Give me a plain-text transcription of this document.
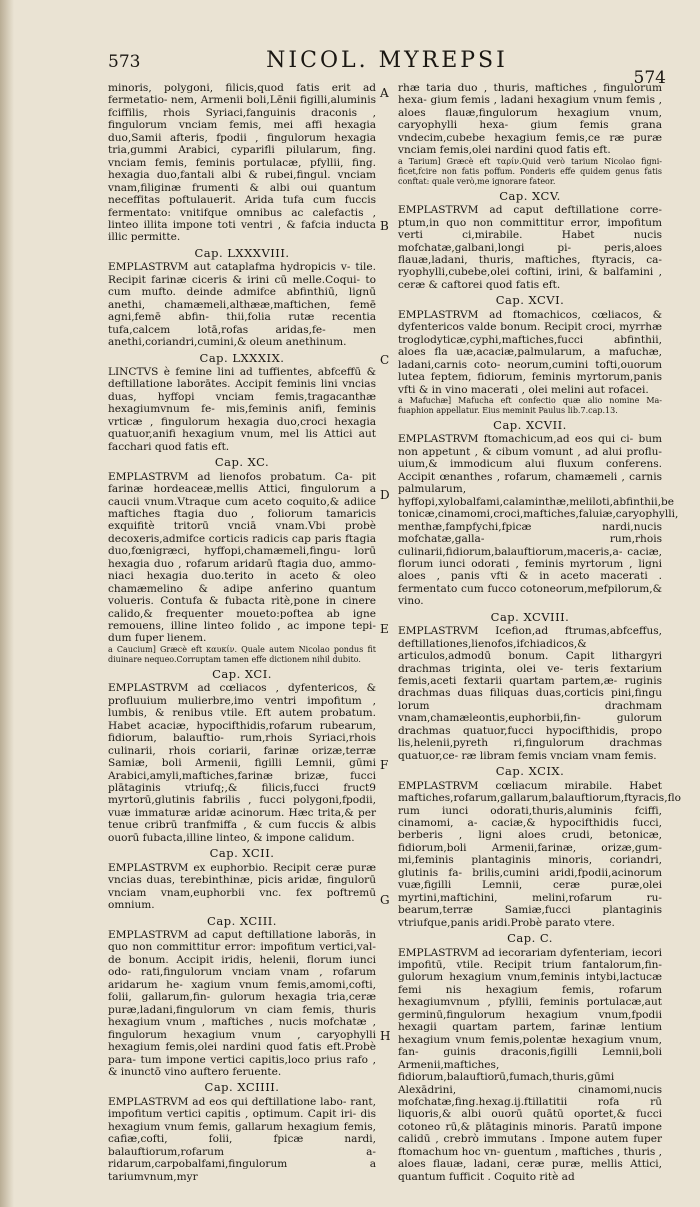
573	NICOL. MYREPSI
574
A
B
C
D
E
F
G
H

minoris, polygoni, filicis,quod fatis erit ad fermetatio- nem, Armenii boli,Lēnii figilli,aluminis fciffilis, rhois Syriaci,fanguinis draconis , fingulorum vnciam femis, mei affi hexagia duo,Samii afteris, fpodii , fingulorum hexagia tria,gummi Arabici, cyparifli pilularum, fing. vnciam femis, feminis portulacæ, pfyllii, fing. hexagia duo,fantali albi & rubei,fingul. vnciam vnam,filiginæ frumenti & albi oui quantum neceffitas poftulauerit. Arida tufa cum fuccis fermentato: vnitifque omnibus ac calefactis , linteo illita impone toti ventri , & fafcia inducta illic permitte.

Cap. LXXXVIII.

EMPLASTRVM aut cataplafma hydropicis v- tile. Recipit farinæ ciceris & irini cū melle.Coqui- to cum mufto. deinde admifce abfinthiū, lignū anethi, chamæmeli,althææ,maftichen, femē agni,femē abfin- thii,folia rutæ recentia tufa,calcem lotā,rofas aridas,fe- men anethi,coriandri,cumini,& oleum anethinum.

Cap. LXXXIX.

LINCTVS è femine lini ad tuffientes, abfceffū & deftillatione laborātes. Accipit feminis lini vncias duas, hyffopi vnciam femis,tragacanthæ hexagiumvnum fe- mis,feminis anifi, feminis vrticæ , fingulorum hexagia duo,croci hexagia quatuor,anifi hexagium vnum, mel lis Attici aut facchari quod fatis eft.

Cap. XC.

EMPLASTRVM ad lienofos probatum. Ca- pit farinæ hordeaceæ,mellis Attici, fingulorum a caucii vnum.Vtraque cum aceto coquito,& adiice maftiches ftagia duo , foliorum tamaricis exquifitè tritorū vnciā vnam.Vbi probè decoxeris,admifce corticis radicis cap paris ftagia duo,fœnigræci, hyffopi,chamæmeli,fingu- lorū hexagia duo , rofarum aridarū ftagia duo, ammo- niaci hexagia duo.terito in aceto & oleo chamæmelino & adipe anferino quantum volueris. Contufa & fubacta ritè,pone in cinere calido,& frequenter moueto:poftea ab igne remouens, illine linteo folido , ac impone tepi- dum fuper lienem.

a Caucium] Græcè eft καυκίν. Quale autem Nicolao pondus fit diuinare nequeo.Corruptam tamen effe dictionem nihil dubito.

Cap. XCI.

EMPLASTRVM ad cœliacos , dyfentericos, & profluuium mulierbre,imo ventri impofitum , lumbis, & renibus vtile. Eft autem probatum. Habet acaciæ, hypocifthidis,rofarum rubearum, fidiorum, balauftio- rum,rhois Syriaci,rhois culinarii, rhois coriarii, farinæ orizæ,terræ Samiæ, boli Armenii, figilli Lemnii, gūmi Arabici,amyli,maftiches,farinæ brizæ, fucci plātaginis vtriufq;,& filicis,fucci fruct9 myrtorū,glutinis fabrilis , fucci polygoni,fpodii, vuæ immaturæ aridæ acinorum. Hæc trita,& per tenue cribrū tranfmiffa , & cum fuccis & albis ouorū fubacta,illine linteo, & impone calidum.

Cap. XCII.

EMPLASTRVM ex euphorbio. Recipit ceræ puræ vncias duas, terebinthinæ, picis aridæ, fingulorū vnciam vnam,euphorbii vnc. fex poftremū omnium.

Cap. XCIII.

EMPLASTRVM ad caput deftillatione laborās, in quo non committitur error: impofitum vertici,val- de bonum. Accipit iridis, helenii, florum iunci odo- rati,fingulorum vnciam vnam , rofarum aridarum he- xagium vnum femis,amomi,cofti, folii, gallarum,fin- gulorum hexagia tria,ceræ puræ,ladani,fingulorum vn ciam femis, thuris hexagium vnum , maftiches , nucis mofchatæ , fingulorum hexagium vnum , caryophylli hexagium femis,olei nardini quod fatis eft.Probè para- tum impone vertici capitis,loco prius rafo , & inunctō vino auftero feruente.

Cap. XCIIII.

EMPLASTRVM ad eos qui deftillatione labo- rant, impofitum vertici capitis , optimum. Capit iri- dis hexagium vnum femis, gallarum hexagium femis, cafiæ,cofti, folii, fpicæ nardi, balauftiorum,rofarum a- ridarum,carpobalfami,fingulorum a tariumvnum,myr

rhæ taria duo , thuris, maftiches , fingulorum hexa- gium femis , ladani hexagium vnum femis , aloes flauæ,fingulorum hexagium vnum, caryophylli hexa- gium femis grana vndecim,cubebe hexagium femis,ce ræ puræ vnciam femis,olei nardini quod fatis eft.

a Tarium] Græcè eft ταρίν.Quid verò tarium Nicolao figni- ficet,fcire non fatis poffum. Ponderis effe quidem genus fatis conftat: quale verò,me ignorare fateor.

Cap. XCV.

EMPLASTRVM ad caput deftillatione corre- ptum,in quo non committitur error, impofitum verti ci,mirabile. Habet nucis mofchatæ,galbani,longi pi- peris,aloes flauæ,ladani, thuris, maftiches, ftyracis, ca- ryophylli,cubebe,olei coftini, irini, & balfamini , ceræ & caftorei quod fatis eft.

Cap. XCVI.

EMPLASTRVM ad ftomachicos, cœliacos, & dyfentericos valde bonum. Recipit croci, myrrhæ troglodyticæ,cyphi,maftiches,fucci abfinthii, aloes fla uæ,acaciæ,palmularum, a mafuchæ, ladani,carnis coto- neorum,cumini tofti,ouorum lutea feptem, fidiorum, feminis myrtorum,panis vfti & in vino macerati , olei melini aut rofacei.

a Mafuchæ] Mafucha eft confectio quæ alio nomine Ma- fuaphion appellatur. Eius meminit Paulus lib.7.cap.13.

Cap. XCVII.

EMPLASTRVM ftomachicum,ad eos qui ci- bum non appetunt , & cibum vomunt , ad alui proflu- uium,& immodicum alui fluxum conferens. Accipit œnanthes , rofarum, chamæmeli , carnis palmularum, hyffopi,xylobalfami,calaminthæ,meliloti,abfinthii,be tonicæ,cinamomi,croci,maftiches,faluiæ,caryophylli, menthæ,fampfychi,fpicæ nardi,nucis mofchatæ,galla- rum,rhois culinarii,fidiorum,balauftiorum,maceris,a- caciæ, florum iunci odorati , feminis myrtorum , ligni aloes , panis vfti & in aceto macerati . fermentato cum fucco cotoneorum,mefpilorum,& vino.

Cap. XCVIII.

EMPLASTRVM Icefion,ad ftrumas,abfceffus, deftillationes,lienofos,ifchiadicos,& articulos,admodū bonum. Capit lithargyri drachmas triginta, olei ve- teris fextarium femis,aceti fextarii quartam partem,æ- ruginis drachmas duas filiquas duas,corticis pini,fingu lorum drachmam vnam,chamæleontis,euphorbii,fin- gulorum drachmas quatuor,fucci hypocifthidis, propo lis,helenii,pyreth ri,fingulorum drachmas quatuor,ce- ræ libram femis vnciam vnam femis.

Cap. XCIX.

EMPLASTRVM cœliacum mirabile. Habet maftiches,rofarum,gallarum,balauftiorum,ftyracis,flo rum iunci odorati,thuris,aluminis fciffi, cinamomi, a- caciæ,& hypocifthidis fucci, berberis , ligni aloes crudi, betonicæ, fidiorum,boli Armenii,farinæ, orizæ,gum- mi,feminis plantaginis minoris, coriandri, glutinis fa- brilis,cumini aridi,fpodii,acinorum vuæ,figilli Lemnii, ceræ puræ,olei myrtini,maftichini, melini,rofarum ru- bearum,terræ Samiæ,fucci plantaginis vtriufque,panis aridi.Probè parato vtere.

Cap. C.

EMPLASTRVM ad iecorariam dyfenteriam, iecori impofitū, vtile. Recipit trium fantalorum,fin- gulorum hexagium vnum,feminis intybi,lactucæ femi nis hexagium femis, rofarum hexagiumvnum , pfyllii, feminis portulacæ,aut germinū,fingulorum hexagium vnum,fpodii hexagii quartam partem, farinæ lentium hexagium vnum femis,polentæ hexagium vnum, fan- guinis draconis,figilli Lemnii,boli Armenii,maftiches, fidiorum,balauftiorū,fumach,thuris,gūmi Alexādrini, cinamomi,nucis mofchatæ,fing.hexag.ij.ftillatitii rofa rū liquoris,& albi ouorū quātū oportet,& fucci cotoneo rū,& plātaginis minoris. Paratū impone calidū , crebrò immutans . Impone autem fuper ftomachum hoc vn- guentum , maftiches , thuris , aloes flauæ, ladani, ceræ puræ, mellis Attici, quantum fufficit . Coquito ritè ad
